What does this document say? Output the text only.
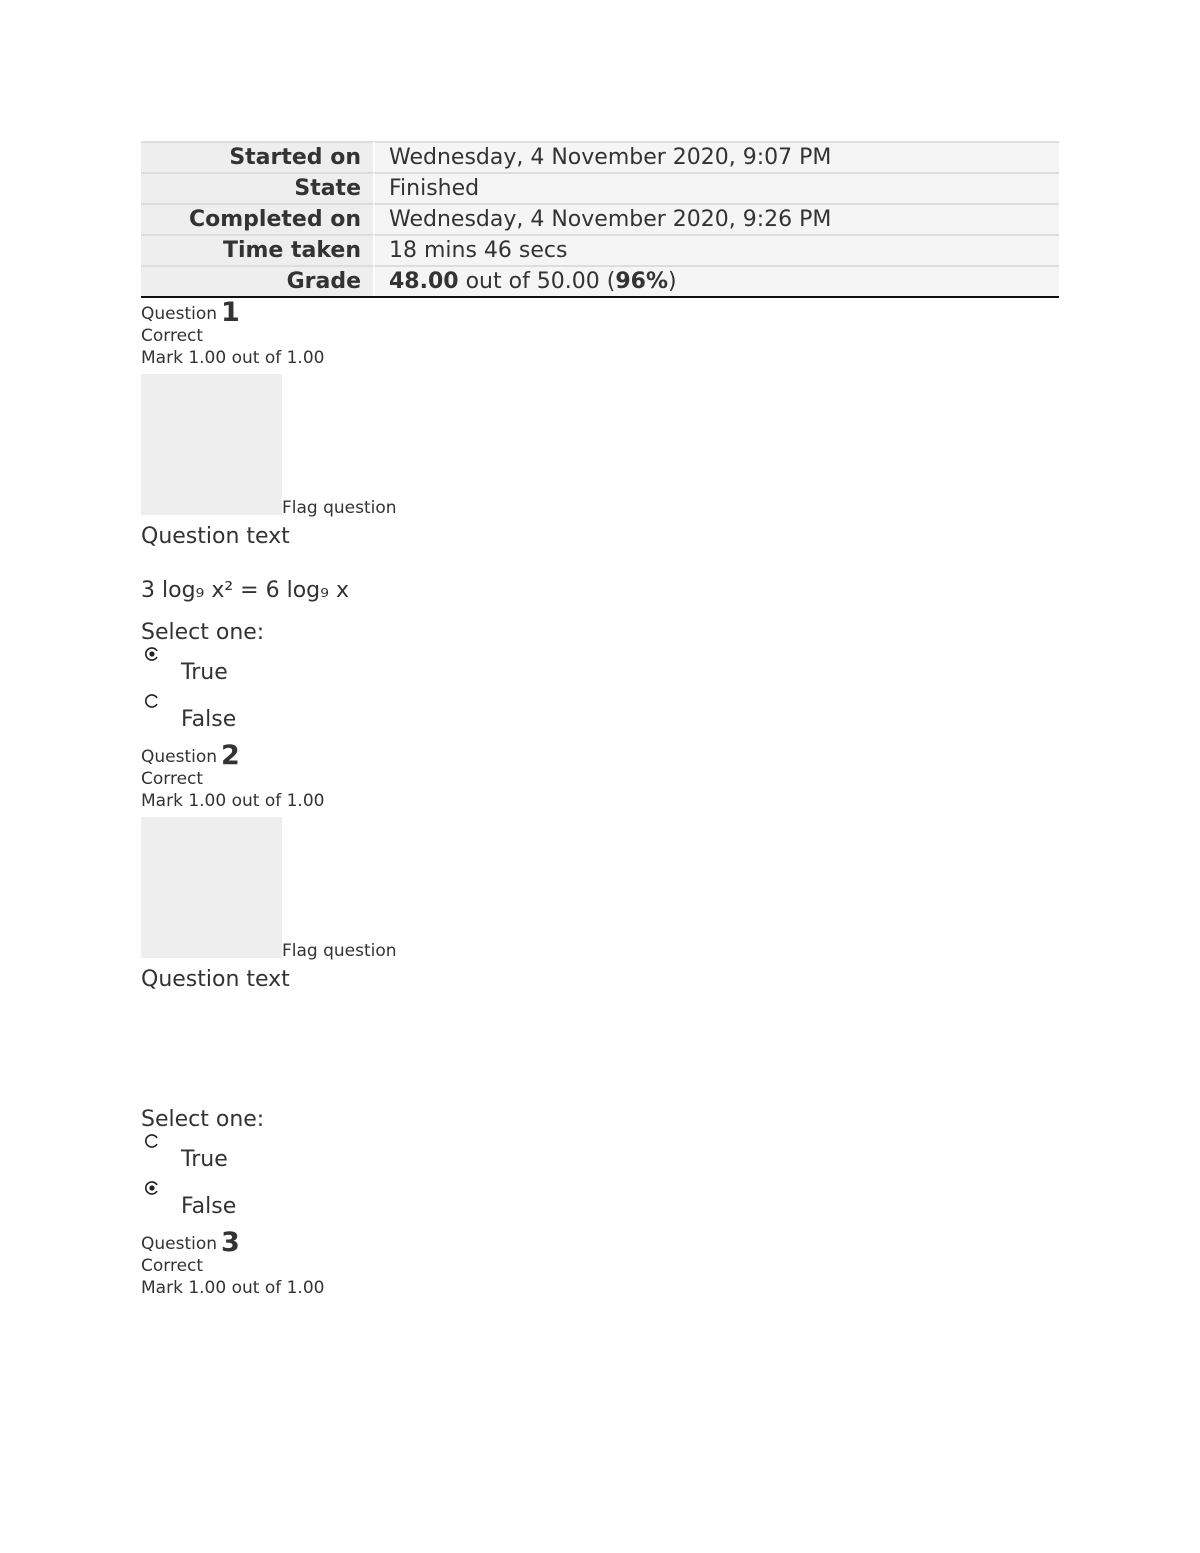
Started on	Wednesday, 4 November 2020, 9:07 PM
State	Finished
Completed on	Wednesday, 4 November 2020, 9:26 PM
Time taken	18 mins 46 secs
Grade	48.00 out of 50.00 (96%)
Question 1
Correct
Mark 1.00 out of 1.00
Flag question
Question text
3 log₉ x² = 6 log₉ x
Select one:
True
False
Question 2
Correct
Mark 1.00 out of 1.00
Flag question
Question text
Select one:
True
False
Question 3
Correct
Mark 1.00 out of 1.00
